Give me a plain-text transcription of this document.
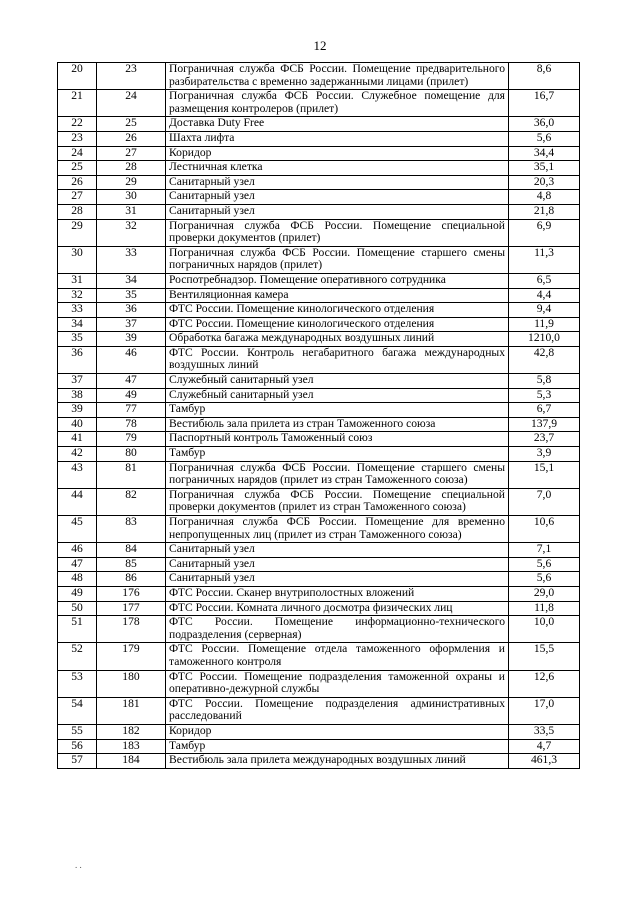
12
20	23	Пограничная служба ФСБ России. Помещение предварительного разбирательства с временно задержанными лицами (прилет)	8,6
21	24	Пограничная служба ФСБ России. Служебное помещение для размещения контролеров (прилет)	16,7
22	25	Доставка Duty Free	36,0
23	26	Шахта лифта	5,6
24	27	Коридор	34,4
25	28	Лестничная клетка	35,1
26	29	Санитарный узел	20,3
27	30	Санитарный узел	4,8
28	31	Санитарный узел	21,8
29	32	Пограничная служба ФСБ России. Помещение специальной проверки документов (прилет)	6,9
30	33	Пограничная служба ФСБ России. Помещение старшего смены пограничных нарядов (прилет)	11,3
31	34	Роспотребнадзор. Помещение оперативного сотрудника	6,5
32	35	Вентиляционная камера	4,4
33	36	ФТС России. Помещение кинологического отделения	9,4
34	37	ФТС России. Помещение кинологического отделения	11,9
35	39	Обработка багажа международных воздушных линий	1210,0
36	46	ФТС России. Контроль негабаритного багажа международных воздушных линий	42,8
37	47	Служебный санитарный узел	5,8
38	49	Служебный санитарный узел	5,3
39	77	Тамбур	6,7
40	78	Вестибюль зала прилета из стран Таможенного союза	137,9
41	79	Паспортный контроль Таможенный союз	23,7
42	80	Тамбур	3,9
43	81	Пограничная служба ФСБ России. Помещение старшего смены пограничных нарядов (прилет из стран Таможенного союза)	15,1
44	82	Пограничная служба ФСБ России. Помещение специальной проверки документов (прилет из стран Таможенного союза)	7,0
45	83	Пограничная служба ФСБ России. Помещение для временно непропущенных лиц (прилет из стран Таможенного союза)	10,6
46	84	Санитарный узел	7,1
47	85	Санитарный узел	5,6
48	86	Санитарный узел	5,6
49	176	ФТС России. Сканер внутриполостных вложений	29,0
50	177	ФТС России. Комната личного досмотра физических лиц	11,8
51	178	ФТС России. Помещение информационно-технического подразделения (серверная)	10,0
52	179	ФТС России. Помещение отдела таможенного оформления и таможенного контроля	15,5
53	180	ФТС России. Помещение подразделения таможенной охраны и оперативно-дежурной службы	12,6
54	181	ФТС России. Помещение подразделения административных расследований	17,0
55	182	Коридор	33,5
56	183	Тамбур	4,7
57	184	Вестибюль зала прилета международных воздушных линий	461,3
. .
